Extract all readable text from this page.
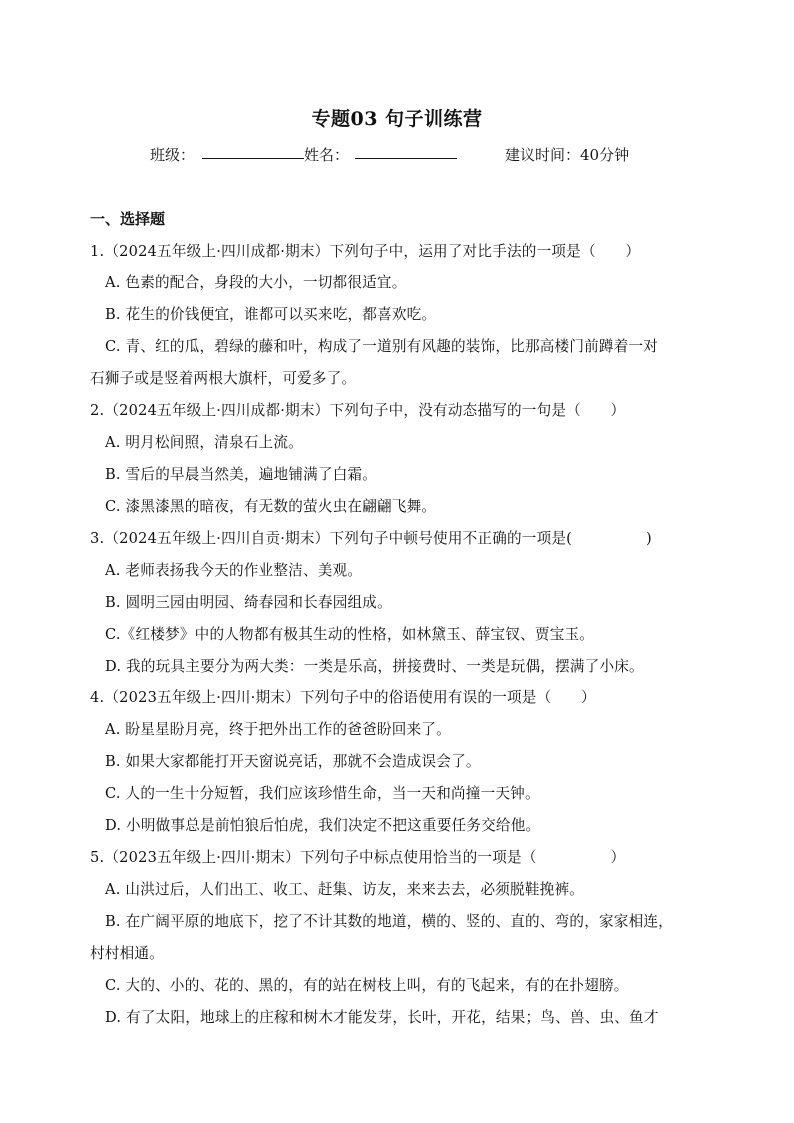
专题03 句子训练营
班级：	姓名：	建议时间：40分钟
一、选择题
1.（2024五年级上·四川成都·期末）下列句子中，运用了对比手法的一项是（　　）
A. 色素的配合，身段的大小，一切都很适宜。
B. 花生的价钱便宜，谁都可以买来吃，都喜欢吃。
C. 青、红的瓜，碧绿的藤和叶，构成了一道别有风趣的装饰，比那高楼门前蹲着一对
石狮子或是竖着两根大旗杆，可爱多了。
2.（2024五年级上·四川成都·期末）下列句子中，没有动态描写的一句是（　　）
A. 明月松间照，清泉石上流。
B. 雪后的早晨当然美，遍地铺满了白霜。
C. 漆黑漆黑的暗夜，有无数的萤火虫在翩翩飞舞。
3.（2024五年级上·四川自贡·期末）下列句子中顿号使用不正确的一项是(　　　　　)
A. 老师表扬我今天的作业整洁、美观。
B. 圆明三园由明园、绮春园和长春园组成。
C.《红楼梦》中的人物都有极其生动的性格，如林黛玉、薛宝钗、贾宝玉。
D. 我的玩具主要分为两大类：一类是乐高，拼接费时、一类是玩偶，摆满了小床。
4.（2023五年级上·四川·期末）下列句子中的俗语使用有误的一项是（　　）
A. 盼星星盼月亮，终于把外出工作的爸爸盼回来了。
B. 如果大家都能打开天窗说亮话，那就不会造成误会了。
C. 人的一生十分短暂，我们应该珍惜生命，当一天和尚撞一天钟。
D. 小明做事总是前怕狼后怕虎，我们决定不把这重要任务交给他。
5.（2023五年级上·四川·期末）下列句子中标点使用恰当的一项是（　　　　　）
A. 山洪过后，人们出工、收工、赶集、访友，来来去去，必须脱鞋挽裤。
B. 在广阔平原的地底下，挖了不计其数的地道，横的、竖的、直的、弯的，家家相连，
村村相通。
C. 大的、小的、花的、黑的，有的站在树枝上叫，有的飞起来，有的在扑翅膀。
D. 有了太阳，地球上的庄稼和树木才能发芽，长叶，开花，结果；鸟、兽、虫、鱼才
